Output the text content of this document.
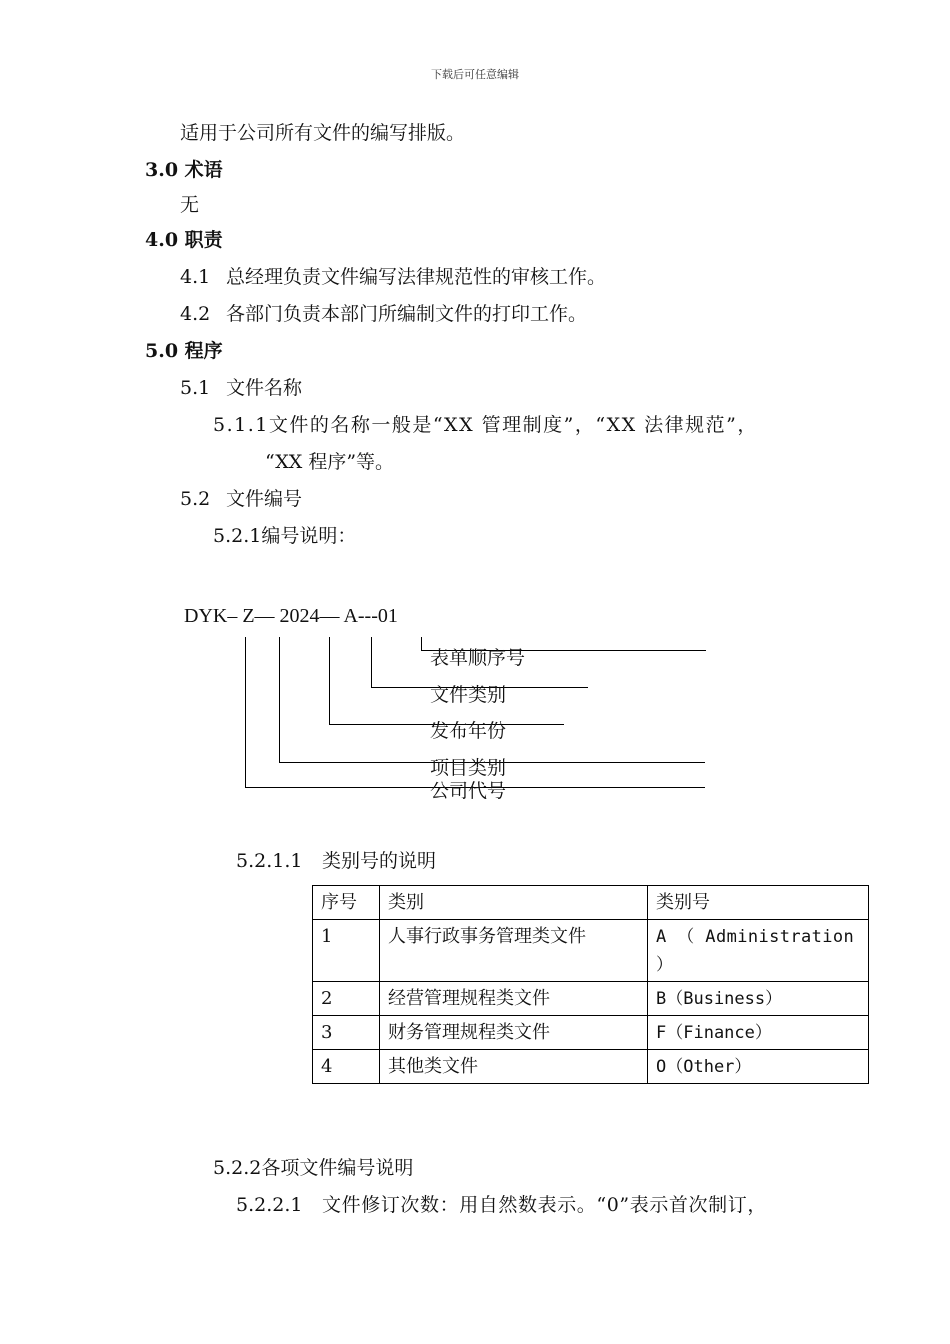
下载后可任意编辑
适用于公司所有文件的编写排版。
3.0 术语
无
4.0 职责
4.1 总经理负责文件编写法律规范性的审核工作。
4.2 各部门负责本部门所编制文件的打印工作。
5.0 程序
5.1 文件名称
5.1.1文件的名称一般是“XX 管理制度”，“XX 法律规范”，
“XX 程序”等。
5.2 文件编号
5.2.1编号说明：
DYK– Z— 2024— A---01
表单顺序号
文件类别
发布年份
项目类别
公司代号
5.2.1.1 类别号的说明
序号	类别	类别号
1	人事行政事务管理类文件	A （ Administration ）
2	经营管理规程类文件	B（Business）
3	财务管理规程类文件	F（Finance）
4	其他类文件	O（Other）
5.2.2各项文件编号说明
5.2.2.1 文件修订次数：用自然数表示。“0”表示首次制订，
